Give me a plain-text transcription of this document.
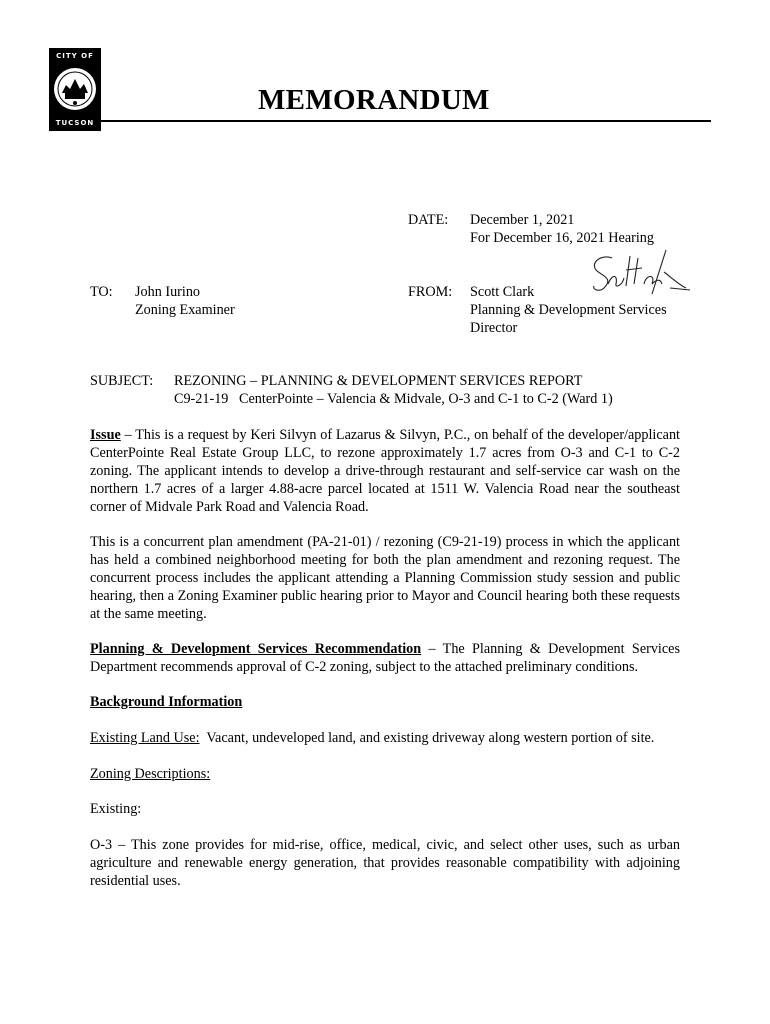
CITY OF
TUCSON
MEMORANDUM
DATE: December 1, 2021
For December 16, 2021 Hearing
TO: John Iurino
Zoning Examiner
FROM: Scott Clark
Planning & Development Services
Director
SUBJECT: REZONING – PLANNING & DEVELOPMENT SERVICES REPORT
C9-21-19   CenterPointe – Valencia & Midvale, O-3 and C-1 to C-2 (Ward 1)
Issue – This is a request by Keri Silvyn of Lazarus & Silvyn, P.C., on behalf of the developer/applicant CenterPointe Real Estate Group LLC, to rezone approximately 1.7 acres from O-3 and C-1 to C-2 zoning. The applicant intends to develop a drive-through restaurant and self-service car wash on the northern 1.7 acres of a larger 4.88-acre parcel located at 1511 W. Valencia Road near the southeast corner of Midvale Park Road and Valencia Road.
This is a concurrent plan amendment (PA-21-01) / rezoning (C9-21-19) process in which the applicant has held a combined neighborhood meeting for both the plan amendment and rezoning request. The concurrent process includes the applicant attending a Planning Commission study session and public hearing, then a Zoning Examiner public hearing prior to Mayor and Council hearing both these requests at the same meeting.
Planning & Development Services Recommendation – The Planning & Development Services Department recommends approval of C-2 zoning, subject to the attached preliminary conditions.
Background Information
Existing Land Use:  Vacant, undeveloped land, and existing driveway along western portion of site.
Zoning Descriptions:
Existing:
O-3 – This zone provides for mid-rise, office, medical, civic, and select other uses, such as urban agriculture and renewable energy generation, that provides reasonable compatibility with adjoining residential uses.
